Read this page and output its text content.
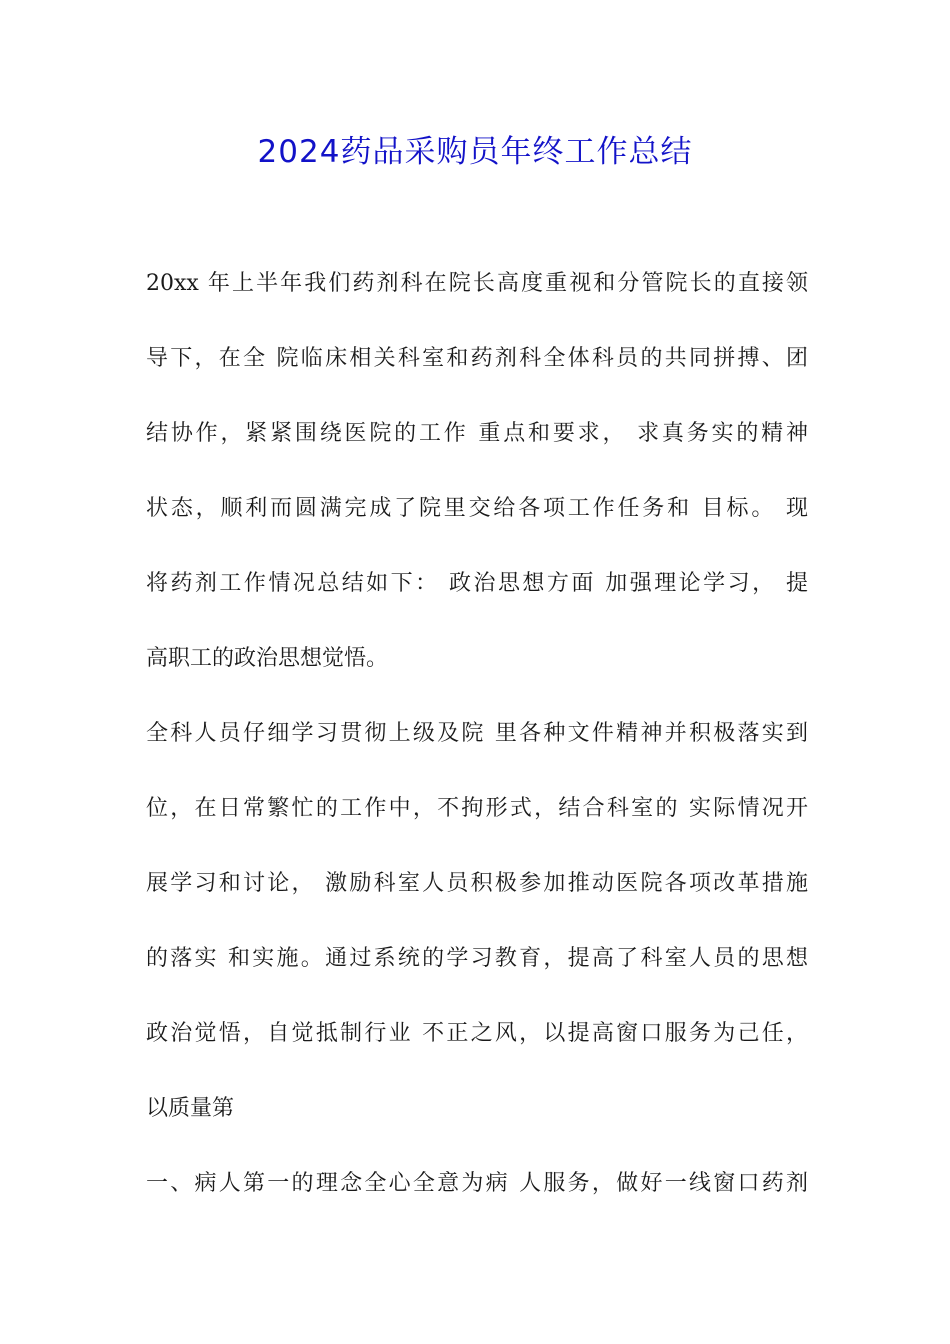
2024药品采购员年终工作总结
20xx 年上半年我们药剂科在院长高度重视和分管院长的直接领
导下，在全 院临床相关科室和药剂科全体科员的共同拼搏、团
结协作，紧紧围绕医院的工作 重点和要求， 求真务实的精神
状态，顺利而圆满完成了院里交给各项工作任务和 目标。 现
将药剂工作情况总结如下： 政治思想方面 加强理论学习， 提
高职工的政治思想觉悟。
全科人员仔细学习贯彻上级及院 里各种文件精神并积极落实到
位，在日常繁忙的工作中，不拘形式，结合科室的 实际情况开
展学习和讨论， 激励科室人员积极参加推动医院各项改革措施
的落实 和实施。通过系统的学习教育，提高了科室人员的思想
政治觉悟，自觉抵制行业 不正之风，以提高窗口服务为己任，
以质量第
一、病人第一的理念全心全意为病 人服务，做好一线窗口药剂
